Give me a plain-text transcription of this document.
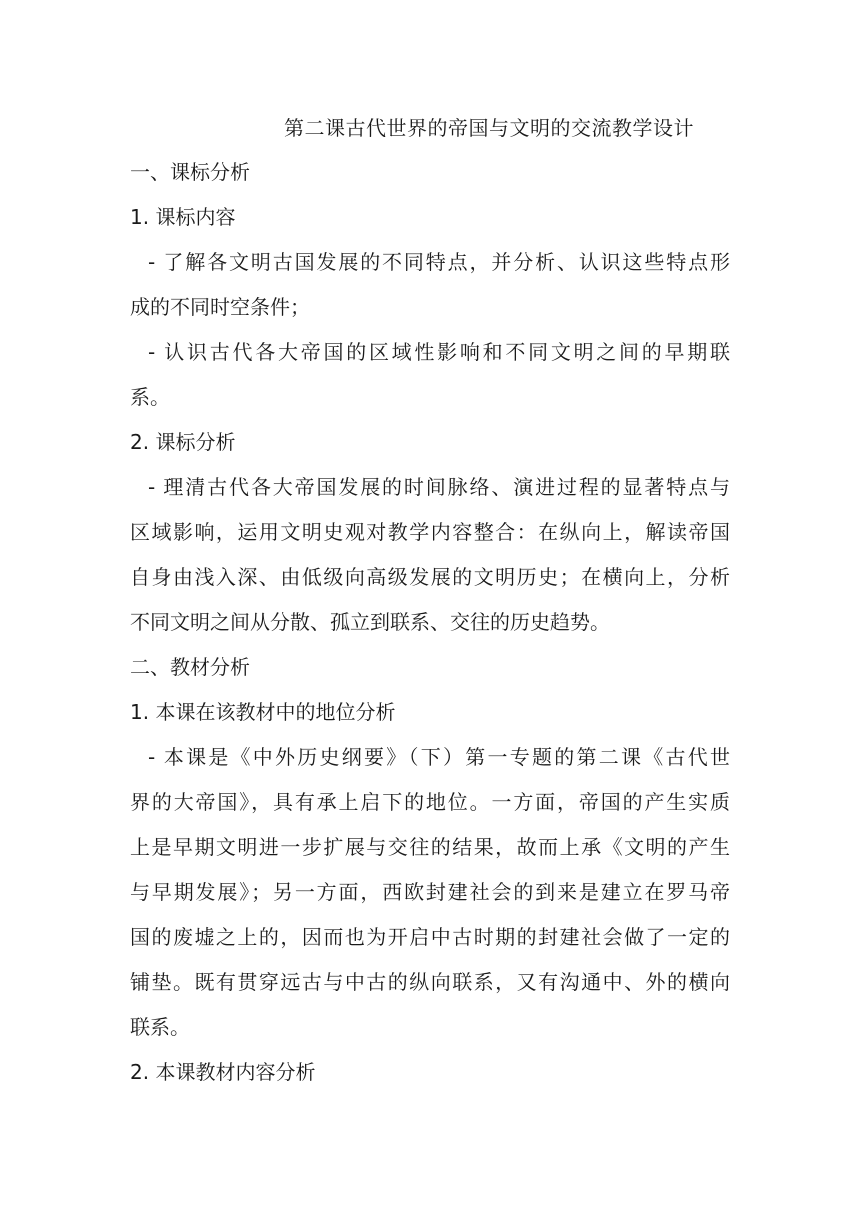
第二课古代世界的帝国与文明的交流教学设计
一、课标分析
1. 课标内容
- 了解各文明古国发展的不同特点，并分析、认识这些特点形
成的不同时空条件；
- 认识古代各大帝国的区域性影响和不同文明之间的早期联
系。
2. 课标分析
- 理清古代各大帝国发展的时间脉络、演进过程的显著特点与
区域影响，运用文明史观对教学内容整合：在纵向上，解读帝国
自身由浅入深、由低级向高级发展的文明历史；在横向上，分析
不同文明之间从分散、孤立到联系、交往的历史趋势。
二、教材分析
1. 本课在该教材中的地位分析
- 本课是《中外历史纲要》（下）第一专题的第二课《古代世
界的大帝国》，具有承上启下的地位。一方面，帝国的产生实质
上是早期文明进一步扩展与交往的结果，故而上承《文明的产生
与早期发展》；另一方面，西欧封建社会的到来是建立在罗马帝
国的废墟之上的，因而也为开启中古时期的封建社会做了一定的
铺垫。既有贯穿远古与中古的纵向联系，又有沟通中、外的横向
联系。
2. 本课教材内容分析
